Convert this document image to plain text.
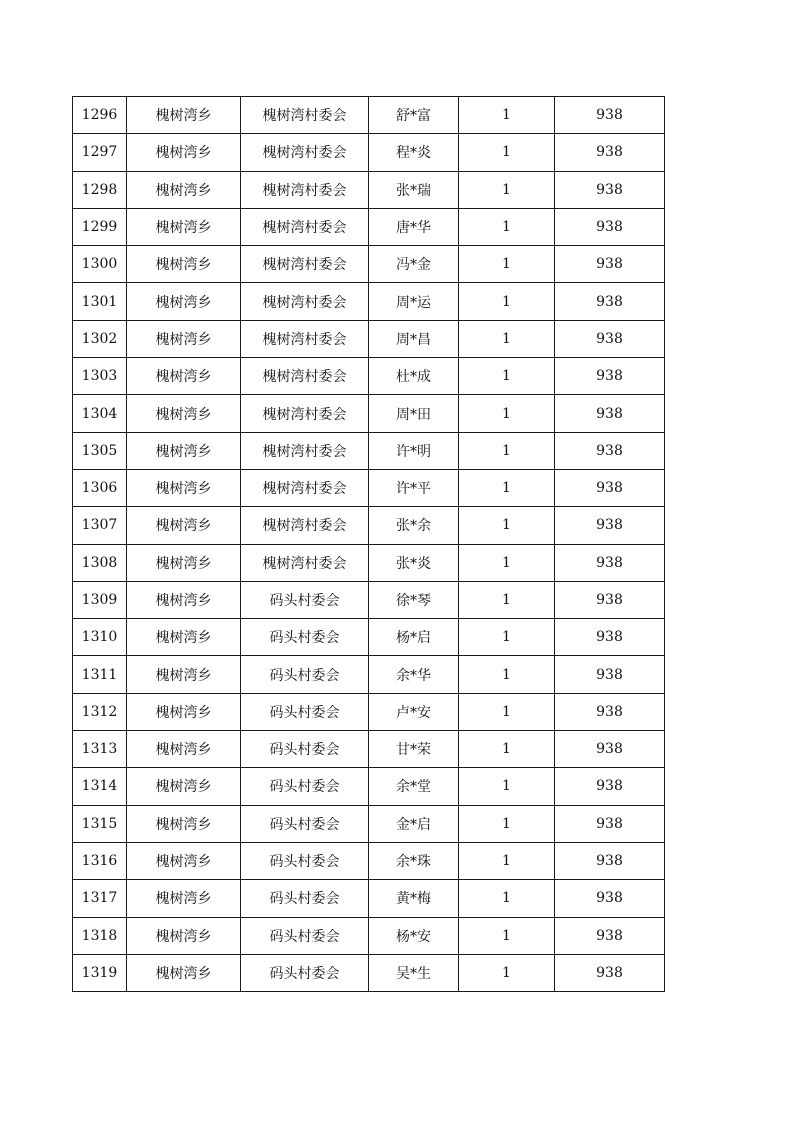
1296	槐树湾乡	槐树湾村委会	舒*富	1	938
1297	槐树湾乡	槐树湾村委会	程*炎	1	938
1298	槐树湾乡	槐树湾村委会	张*瑞	1	938
1299	槐树湾乡	槐树湾村委会	唐*华	1	938
1300	槐树湾乡	槐树湾村委会	冯*金	1	938
1301	槐树湾乡	槐树湾村委会	周*运	1	938
1302	槐树湾乡	槐树湾村委会	周*昌	1	938
1303	槐树湾乡	槐树湾村委会	杜*成	1	938
1304	槐树湾乡	槐树湾村委会	周*田	1	938
1305	槐树湾乡	槐树湾村委会	许*明	1	938
1306	槐树湾乡	槐树湾村委会	许*平	1	938
1307	槐树湾乡	槐树湾村委会	张*余	1	938
1308	槐树湾乡	槐树湾村委会	张*炎	1	938
1309	槐树湾乡	码头村委会	徐*琴	1	938
1310	槐树湾乡	码头村委会	杨*启	1	938
1311	槐树湾乡	码头村委会	余*华	1	938
1312	槐树湾乡	码头村委会	卢*安	1	938
1313	槐树湾乡	码头村委会	甘*荣	1	938
1314	槐树湾乡	码头村委会	余*堂	1	938
1315	槐树湾乡	码头村委会	金*启	1	938
1316	槐树湾乡	码头村委会	余*珠	1	938
1317	槐树湾乡	码头村委会	黄*梅	1	938
1318	槐树湾乡	码头村委会	杨*安	1	938
1319	槐树湾乡	码头村委会	吴*生	1	938
